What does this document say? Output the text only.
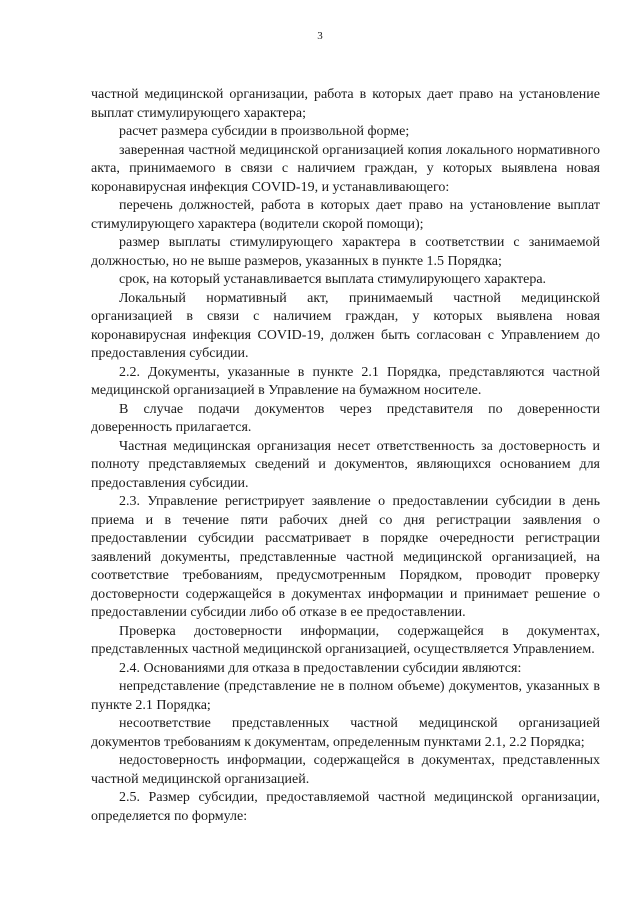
3

частной медицинской организации, работа в которых дает право на установление выплат стимулирующего характера;

расчет размера субсидии в произвольной форме;

заверенная частной медицинской организацией копия локального нормативного акта, принимаемого в связи с наличием граждан, у которых выявлена новая коронавирусная инфекция COVID-19, и устанавливающего:

перечень должностей, работа в которых дает право на установление выплат стимулирующего характера (водители скорой помощи);

размер выплаты стимулирующего характера в соответствии с занимаемой должностью, но не выше размеров, указанных в пункте 1.5 Порядка;

срок, на который устанавливается выплата стимулирующего характера.

Локальный нормативный акт, принимаемый частной медицинской организацией в связи с наличием граждан, у которых выявлена новая коронавирусная инфекция COVID-19, должен быть согласован с Управлением до предоставления субсидии.

2.2. Документы, указанные в пункте 2.1 Порядка, представляются частной медицинской организацией в Управление на бумажном носителе.

В случае подачи документов через представителя по доверенности доверенность прилагается.

Частная медицинская организация несет ответственность за достоверность и полноту представляемых сведений и документов, являющихся основанием для предоставления субсидии.

2.3. Управление регистрирует заявление о предоставлении субсидии в день приема и в течение пяти рабочих дней со дня регистрации заявления о предоставлении субсидии рассматривает в порядке очередности регистрации заявлений документы, представленные частной медицинской организацией, на соответствие требованиям, предусмотренным Порядком, проводит проверку достоверности содержащейся в документах информации и принимает решение о предоставлении субсидии либо об отказе в ее предоставлении.

Проверка достоверности информации, содержащейся в документах, представленных частной медицинской организацией, осуществляется Управлением.

2.4. Основаниями для отказа в предоставлении субсидии являются:

непредставление (представление не в полном объеме) документов, указанных в пункте 2.1 Порядка;

несоответствие представленных частной медицинской организацией документов требованиям к документам, определенным пунктами 2.1, 2.2 Порядка;

недостоверность информации, содержащейся в документах, представленных частной медицинской организацией.

2.5. Размер субсидии, предоставляемой частной медицинской организации, определяется по формуле:
